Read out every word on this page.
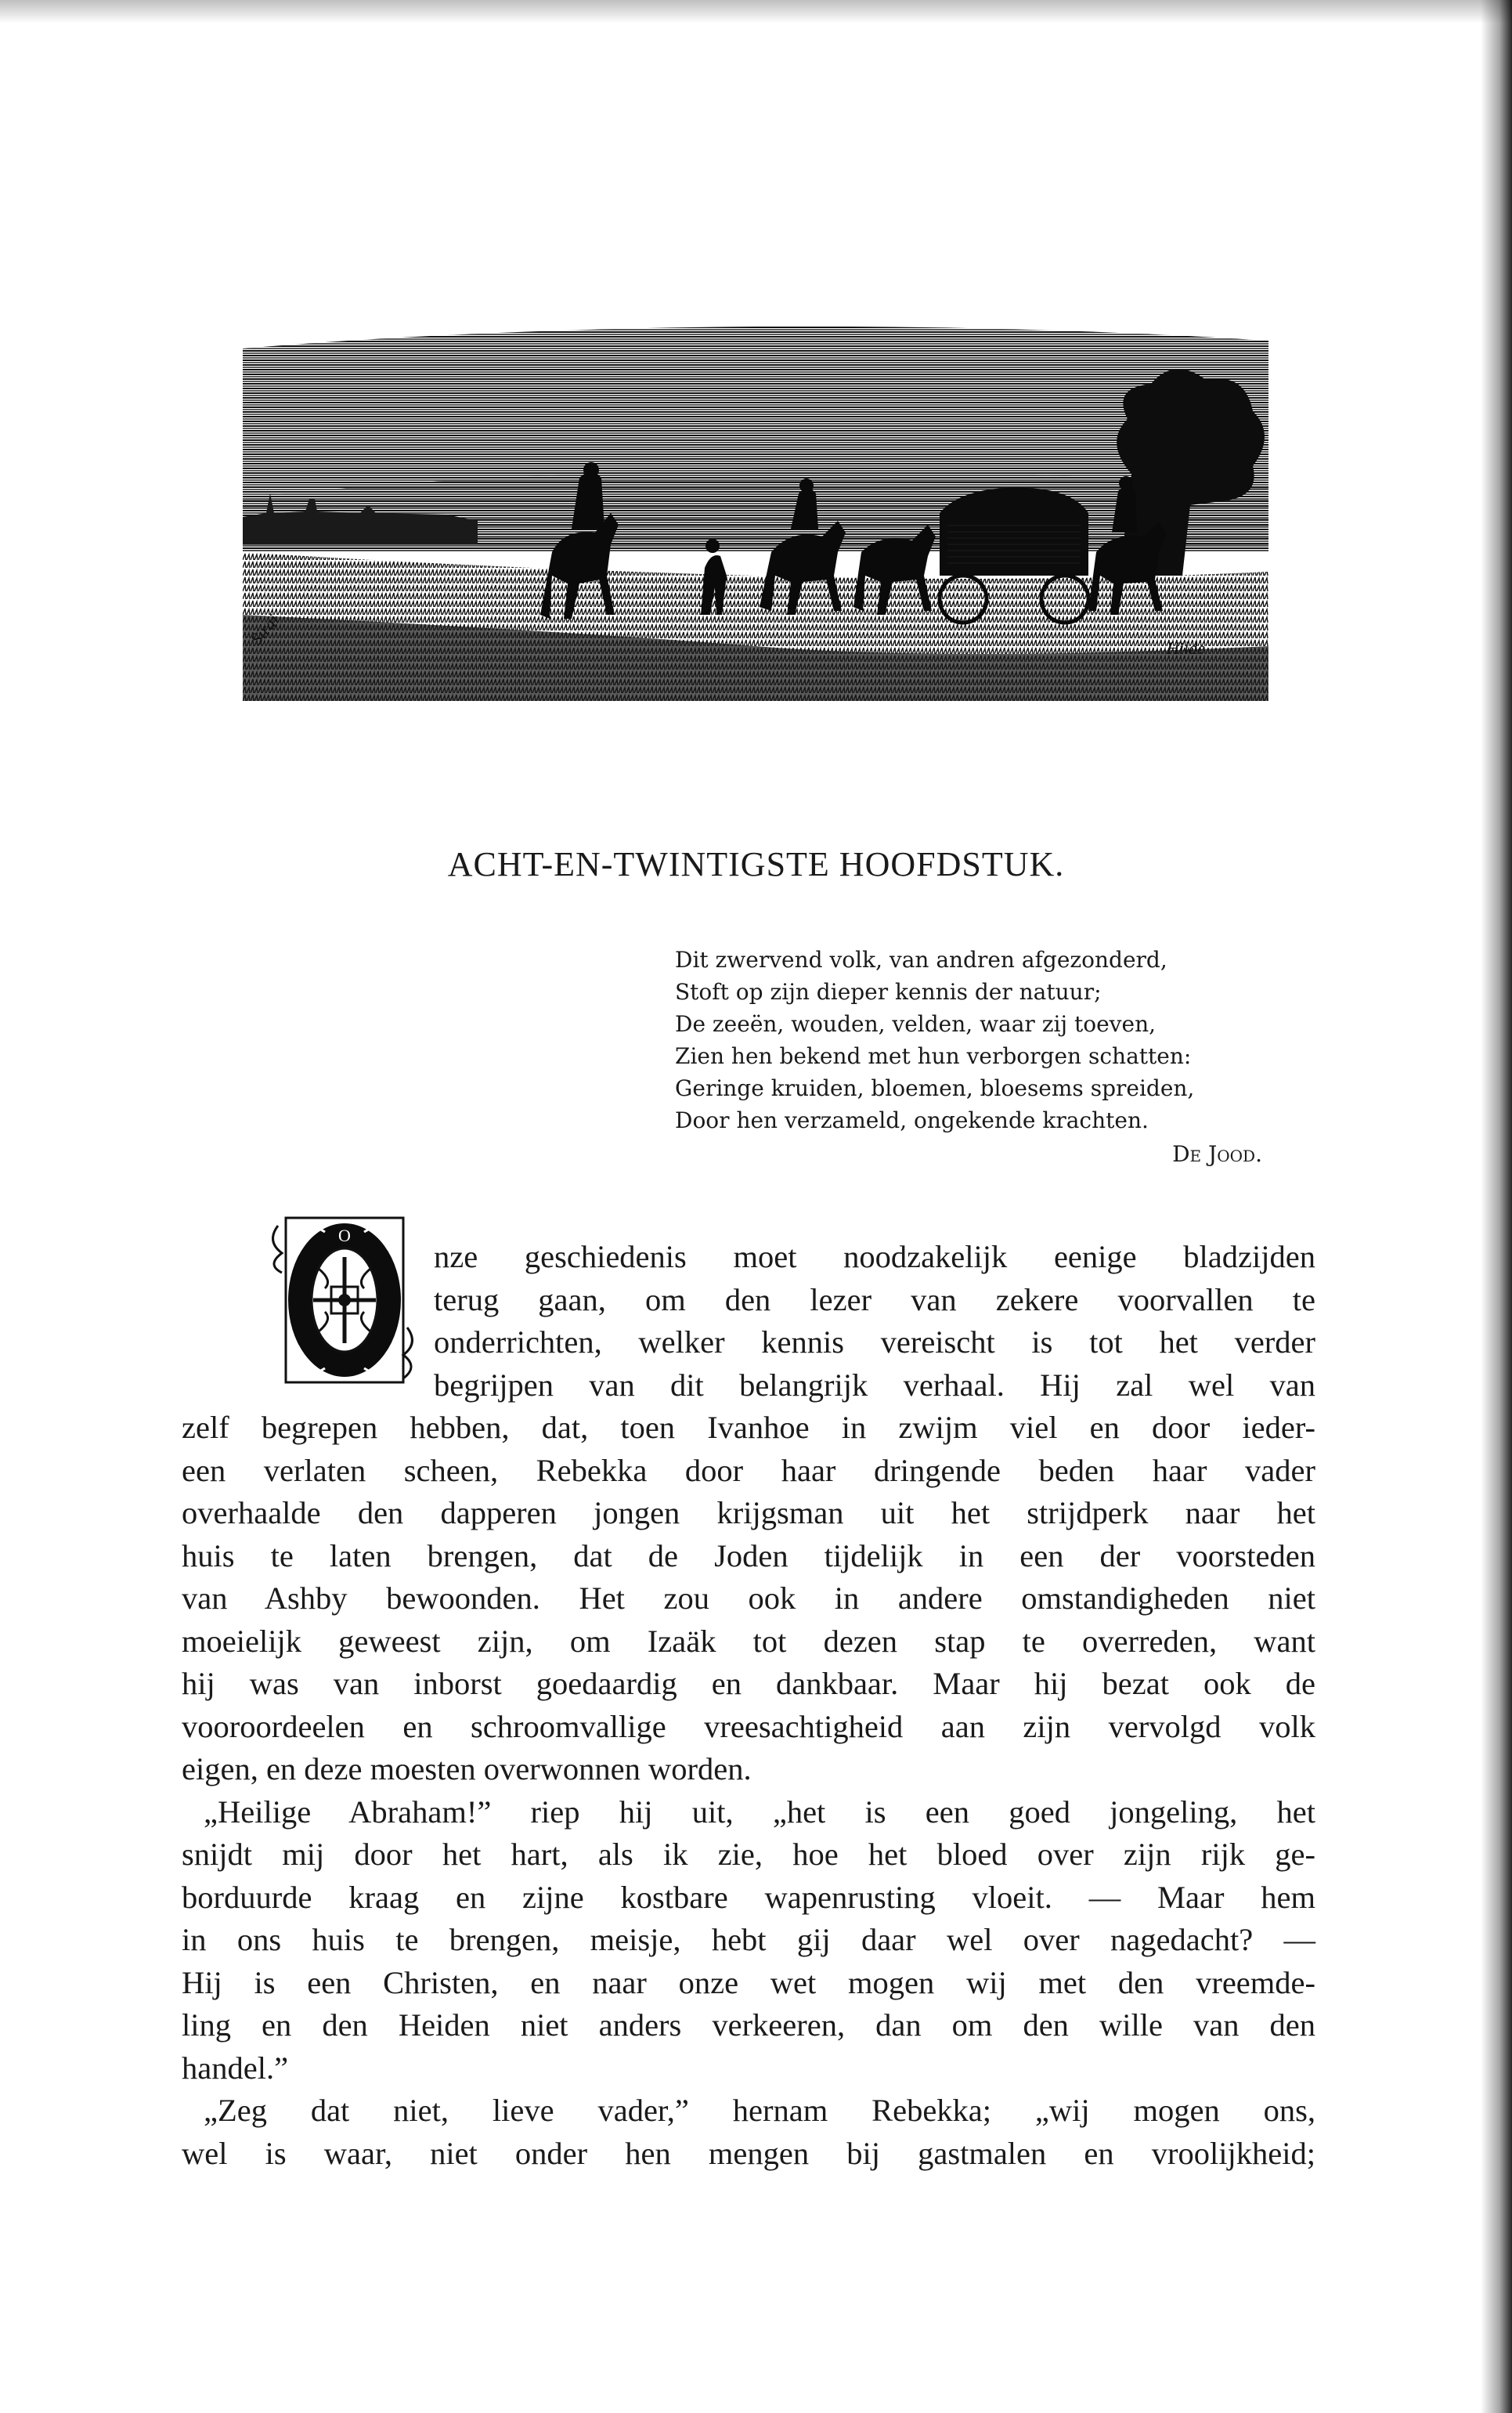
Sirai	Hilde
ACHT-EN-TWINTIGSTE HOOFDSTUK.
Dit zwervend volk, van andren afgezonderd,
Stoft op zijn dieper kennis der natuur;
De zeeën, wouden, velden, waar zij toeven,
Zien hen bekend met hun verborgen schatten:
Geringe kruiden, bloemen, bloesems spreiden,
Door hen verzameld, ongekende krachten.
De Jood.
O
nze geschiedenis moet noodzakelijk eenige bladzijden
terug gaan, om den lezer van zekere voorvallen te
onderrichten, welker kennis vereischt is tot het verder
begrijpen van dit belangrijk verhaal. Hij zal wel van
zelf begrepen hebben, dat, toen Ivanhoe in zwijm viel en door ieder-
een verlaten scheen, Rebekka door haar dringende beden haar vader
overhaalde den dapperen jongen krijgsman uit het strijdperk naar het
huis te laten brengen, dat de Joden tijdelijk in een der voorsteden
van Ashby bewoonden. Het zou ook in andere omstandigheden niet
moeielijk geweest zijn, om Izaäk tot dezen stap te overreden, want
hij was van inborst goedaardig en dankbaar. Maar hij bezat ook de
vooroordeelen en schroomvallige vreesachtigheid aan zijn vervolgd volk
eigen, en deze moesten overwonnen worden.
„Heilige Abraham!” riep hij uit, „het is een goed jongeling, het
snijdt mij door het hart, als ik zie, hoe het bloed over zijn rijk ge-
borduurde kraag en zijne kostbare wapenrusting vloeit. — Maar hem
in ons huis te brengen, meisje, hebt gij daar wel over nagedacht? —
Hij is een Christen, en naar onze wet mogen wij met den vreemde-
ling en den Heiden niet anders verkeeren, dan om den wille van den
handel.”
„Zeg dat niet, lieve vader,” hernam Rebekka; „wij mogen ons,
wel is waar, niet onder hen mengen bij gastmalen en vroolijkheid;
